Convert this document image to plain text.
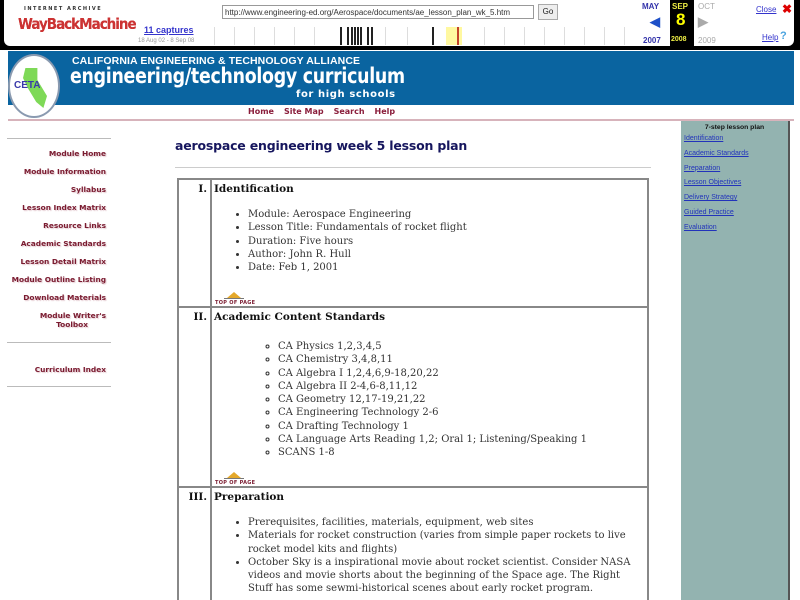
INTERNET ARCHIVE
WayBackMachine 11 captures
18 Aug 02 - 8 Sep 08
http://www.engineering-ed.org/Aerospace/documents/ae_lesson_plan_wk_5.htm	Go
MAY
◀
2007
SEP
8
2008
OCT
▶
2009
Close ✖
Help ?
CETA
CALIFORNIA ENGINEERING & TECHNOLOGY ALLIANCE
engineering/technology curriculum
for high schools
Home Site Map Search Help
Module Home
Module Information
Syllabus
Lesson Index Matrix
Resource Links
Academic Standards
Lesson Detail Matrix
Module Outline Listing
Download Materials
Module Writer's
Toolbox
Curriculum Index
aerospace engineering week 5 lesson plan
I. Identification
• Module: Aerospace Engineering
• Lesson Title: Fundamentals of rocket flight
• Duration: Five hours
• Author: John R. Hull
• Date: Feb 1, 2001
TOP OF PAGE
II. Academic Content Standards
◦ CA Physics 1,2,3,4,5
◦ CA Chemistry 3,4,8,11
◦ CA Algebra I 1,2,4,6,9-18,20,22
◦ CA Algebra II 2-4,6-8,11,12
◦ CA Geometry 12,17-19,21,22
◦ CA Engineering Technology 2-6
◦ CA Drafting Technology 1
◦ CA Language Arts Reading 1,2; Oral 1; Listening/Speaking 1
◦ SCANS 1-8
TOP OF PAGE
III. Preparation
• Prerequisites, facilities, materials, equipment, web sites
• Materials for rocket construction (varies from simple paper rockets to live rocket model kits and flights)
• October Sky is a inspirational movie about rocket scientist. Consider NASA videos and movie shorts about the beginning of the Space age. The Right Stuff has some sewmi-historical scenes about early rocket program.
7-step lesson plan
Identification
Academic Standards
Preparation
Lesson Objectives
Delivery Strategy
Guided Practice
Evaluation
